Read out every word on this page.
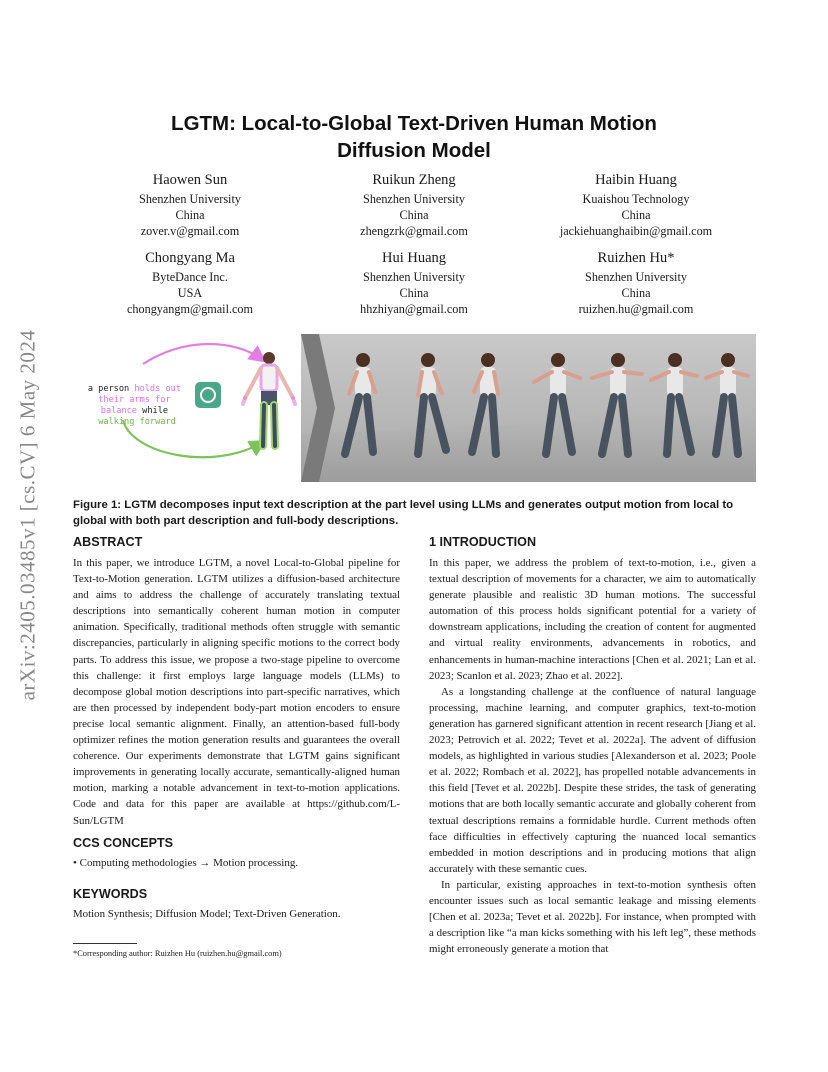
arXiv:2405.03485v1 [cs.CV] 6 May 2024
LGTM: Local-to-Global Text-Driven Human Motion
Diffusion Model
Haowen Sun
Shenzhen University
China
zover.v@gmail.com
Ruikun Zheng
Shenzhen University
China
zhengzrk@gmail.com
Haibin Huang
Kuaishou Technology
China
jackiehuanghaibin@gmail.com
Chongyang Ma
ByteDance Inc.
USA
chongyangm@gmail.com
Hui Huang
Shenzhen University
China
hhzhiyan@gmail.com
Ruizhen Hu*
Shenzhen University
China
ruizhen.hu@gmail.com
a person holds out their arms for balance while walking forward
Figure 1: LGTM decomposes input text description at the part level using LLMs and generates output motion from local to global with both part description and full-body descriptions.
ABSTRACT
In this paper, we introduce LGTM, a novel Local-to-Global pipeline for Text-to-Motion generation. LGTM utilizes a diffusion-based architecture and aims to address the challenge of accurately translating textual descriptions into semantically coherent human motion in computer animation. Specifically, traditional methods often struggle with semantic discrepancies, particularly in aligning specific motions to the correct body parts. To address this issue, we propose a two-stage pipeline to overcome this challenge: it first employs large language models (LLMs) to decompose global motion descriptions into part-specific narratives, which are then processed by independent body-part motion encoders to ensure precise local semantic alignment. Finally, an attention-based full-body optimizer refines the motion generation results and guarantees the overall coherence. Our experiments demonstrate that LGTM gains significant improvements in generating locally accurate, semantically-aligned human motion, marking a notable advancement in text-to-motion applications. Code and data for this paper are available at https://github.com/L-Sun/LGTM
CCS CONCEPTS
• Computing methodologies → Motion processing.
KEYWORDS
Motion Synthesis; Diffusion Model; Text-Driven Generation.
*Corresponding author: Ruizhen Hu (ruizhen.hu@gmail.com)
1 INTRODUCTION

In this paper, we address the problem of text-to-motion, i.e., given a textual description of movements for a character, we aim to automatically generate plausible and realistic 3D human motions. The successful automation of this process holds significant potential for a variety of downstream applications, including the creation of content for augmented and virtual reality environments, advancements in robotics, and enhancements in human-machine interactions [Chen et al. 2021; Lan et al. 2023; Scanlon et al. 2023; Zhao et al. 2022].

As a longstanding challenge at the confluence of natural language processing, machine learning, and computer graphics, text-to-motion generation has garnered significant attention in recent research [Jiang et al. 2023; Petrovich et al. 2022; Tevet et al. 2022a]. The advent of diffusion models, as highlighted in various studies [Alexanderson et al. 2023; Poole et al. 2022; Rombach et al. 2022], has propelled notable advancements in this field [Tevet et al. 2022b]. Despite these strides, the task of generating motions that are both locally semantic accurate and globally coherent from textual descriptions remains a formidable hurdle. Current methods often face difficulties in effectively capturing the nuanced local semantics embedded in motion descriptions and in producing motions that align accurately with these semantic cues.

In particular, existing approaches in text-to-motion synthesis often encounter issues such as local semantic leakage and missing elements [Chen et al. 2023a; Tevet et al. 2022b]. For instance, when prompted with a description like “a man kicks something with his left leg”, these methods might erroneously generate a motion that
